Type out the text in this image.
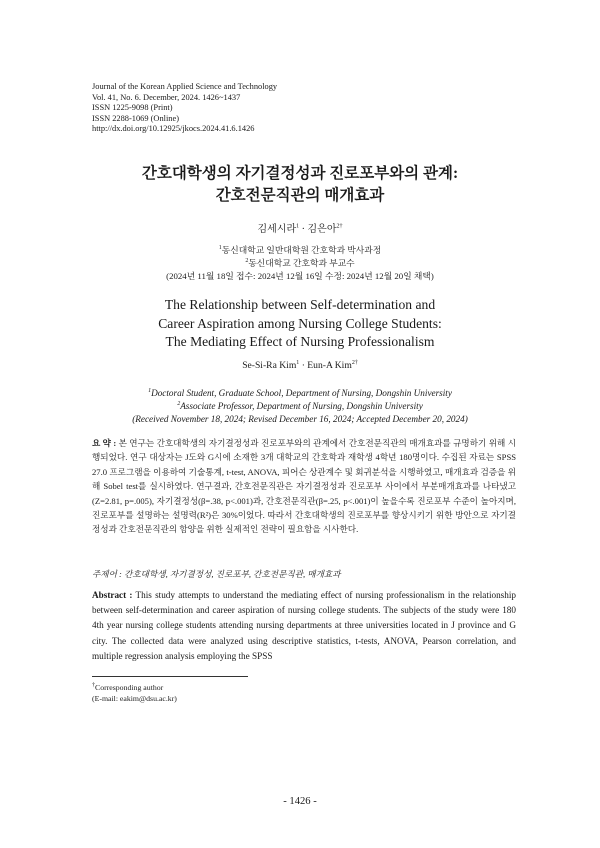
Journal of the Korean Applied Science and Technology
Vol. 41, No. 6. December, 2024. 1426~1437
ISSN 1225-9098 (Print)
ISSN 2288-1069 (Online)
http://dx.doi.org/10.12925/jkocs.2024.41.6.1426
간호대학생의 자기결정성과 진로포부와의 관계:
간호전문직관의 매개효과
김세시라$^1$ · 김은아$^{2\dagger}$
$^1$동신대학교 일반대학원 간호학과 박사과정
$^2$동신대학교 간호학과 부교수
(2024년 11월 18일 접수: 2024년 12월 16일 수정: 2024년 12월 20일 채택)
The Relationship between Self-determination and
Career Aspiration among Nursing College Students:
The Mediating Effect of Nursing Professionalism
Se-Si-Ra Kim$^1$ · Eun-A Kim$^{2\dagger}$
$^1$Doctoral Student, Graduate School, Department of Nursing, Dongshin University
$^2$Associate Professor, Department of Nursing, Dongshin University
(Received November 18, 2024; Revised December 16, 2024; Accepted December 20, 2024)
요 약 : 본 연구는 간호대학생의 자기결정성과 진로포부와의 관계에서 간호전문직관의 매개효과를 규명하기 위해 시행되었다. 연구 대상자는 J도와 G시에 소재한 3개 대학교의 간호학과 재학생 4학년 180명이다. 수집된 자료는 SPSS 27.0 프로그램을 이용하여 기술통계, t-test, ANOVA, 피어슨 상관계수 및 회귀분석을 시행하였고, 매개효과 검증을 위해 Sobel test를 실시하였다. 연구결과, 간호전문직관은 자기결정성과 진로포부 사이에서 부분매개효과를 나타냈고(Z=2.81, p=.005), 자기결정성(β=.38, p<.001)과, 간호전문직관(β=.25, p<.001)이 높을수록 진로포부 수준이 높아지며, 진로포부를 설명하는 설명력(R²)은 30%이었다. 따라서 간호대학생의 진로포부를 향상시키기 위한 방안으로 자기결정성과 간호전문직관의 함양을 위한 실제적인 전략이 필요함을 시사한다.
주제어 : 간호대학생, 자기결정성, 진로포부, 간호전문직관, 매개효과
Abstract : This study attempts to understand the mediating effect of nursing professionalism in the relationship between self-determination and career aspiration of nursing college students. The subjects of the study were 180 4th year nursing college students attending nursing departments at three universities located in J province and G city. The collected data were analyzed using descriptive statistics, t-tests, ANOVA, Pearson correlation, and multiple regression analysis employing the SPSS
†Corresponding author
(E-mail: eakim@dsu.ac.kr)
- 1426 -
